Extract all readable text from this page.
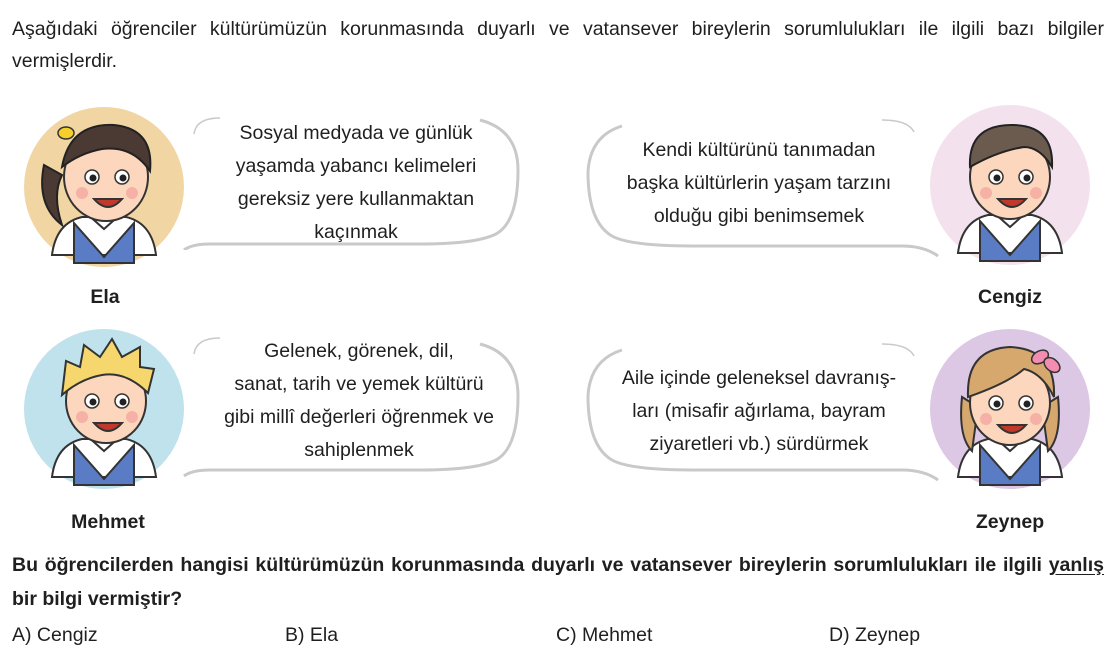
Aşağıdaki öğrenciler kültürümüzün korunmasında duyarlı ve vatansever bireylerin sorumlulukları ile ilgili bazı bilgiler vermişlerdir.
Ela
Sosyal medyada ve günlük
yaşamda yabancı kelimeleri
gereksiz yere kullanmaktan
kaçınmak
Cengiz
Kendi kültürünü tanımadan
başka kültürlerin yaşam tarzını
olduğu gibi benimsemek
Mehmet
Gelenek, görenek, dil,
sanat, tarih ve yemek kültürü
gibi millî değerleri öğrenmek ve
sahiplenmek
Zeynep
Aile içinde geleneksel davranış-
ları (misafir ağırlama, bayram
ziyaretleri vb.) sürdürmek
Bu öğrencilerden hangisi kültürümüzün korunmasında duyarlı ve vatansever bireylerin sorumlulukları ile ilgili yanlış bir bilgi vermiştir?
A) Cengiz	B) Ela	C) Mehmet	D) Zeynep
